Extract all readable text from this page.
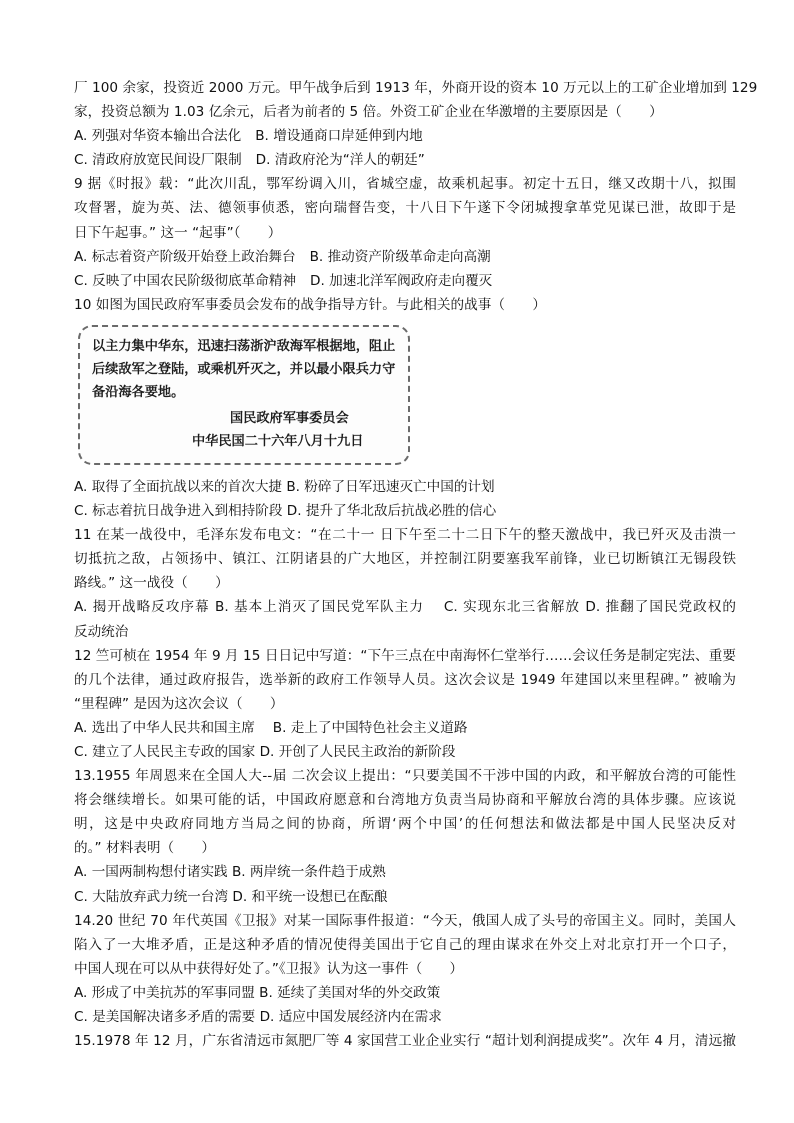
厂 100 余家，投资近 2000 万元。甲午战争后到 1913 年，外商开设的资本 10 万元以上的工矿企业增加到 129
家，投资总额为 1.03 亿余元，后者为前者的 5 倍。外资工矿企业在华激增的主要原因是（　　）
A. 列强对华资本输出合法化 B. 增设通商口岸延伸到内地
C. 清政府放宽民间设厂限制 D. 清政府沦为“洋人的朝廷”
9 据《时报》载：“此次川乱，鄂军纷调入川，省城空虚，故乘机起事。初定十五日，继又改期十八，拟围
攻督署，旋为英、法、德领事侦悉，密向瑞督告变，十八日下午遂下令闭城搜拿革党见谋已泄，故即于是
日下午起事。” 这一 “起事”（　　）
A. 标志着资产阶级开始登上政治舞台 B. 推动资产阶级革命走向高潮
C. 反映了中国农民阶级彻底革命精神 D. 加速北洋军阀政府走向覆灭
10 如图为国民政府军事委员会发布的战争指导方针。与此相关的战事（　　）
以主力集中华东，迅速扫荡浙沪敌海军根据地，阻止后续敌军之登陆，或乘机歼灭之，并以最小限兵力守备沿海各要地。
国民政府军事委员会
中华民国二十六年八月十九日
A. 取得了全面抗战以来的首次大捷 B. 粉碎了日军迅速灭亡中国的计划
C. 标志着抗日战争进入到相持阶段 D. 提升了华北敌后抗战必胜的信心
11 在某一战役中，毛泽东发布电文：“在二十一 日下午至二十二日下午的整天激战中，我已歼灭及击溃一
切抵抗之敌，占领扬中、镇江、江阴诸县的广大地区，并控制江阴要塞我军前锋，业已切断镇江无锡段铁
路线。” 这一战役（　　）
A. 揭开战略反攻序幕 B. 基本上消灭了国民党军队主力　 C. 实现东北三省解放 D. 推翻了国民党政权的
反动统治
12 竺可桢在 1954 年 9 月 15 日日记中写道：“下午三点在中南海怀仁堂举行……会议任务是制定宪法、重要
的几个法律，通过政府报告，选举新的政府工作领导人员。这次会议是 1949 年建国以来里程碑。” 被喻为
“里程碑” 是因为这次会议（　　）
A. 选出了中华人民共和国主席　 B. 走上了中国特色社会主义道路
C. 建立了人民民主专政的国家 D. 开创了人民民主政治的新阶段
13.1955 年周恩来在全国人大--届 二次会议上提出：“只要美国不干涉中国的内政，和平解放台湾的可能性
将会继续增长。如果可能的话，中国政府愿意和台湾地方负责当局协商和平解放台湾的具体步骤。应该说
明，这是中央政府同地方当局之间的协商，所谓‘两个中国’的任何想法和做法都是中国人民坚决反对
的。” 材料表明（　　）
A. 一国两制构想付诸实践 B. 两岸统一条件趋于成熟
C. 大陆放弃武力统一台湾 D. 和平统一设想已在酝酿
14.20 世纪 70 年代英国《卫报》对某一国际事件报道：“今天，俄国人成了头号的帝国主义。同时，美国人
陷入了一大堆矛盾，正是这种矛盾的情况使得美国出于它自己的理由谋求在外交上对北京打开一个口子，
中国人现在可以从中获得好处了。”《卫报》认为这一事件（　　）
A. 形成了中美抗苏的军事同盟 B. 延续了美国对华的外交政策
C. 是美国解决诸多矛盾的需要 D. 适应中国发展经济内在需求
15.1978 年 12 月，广东省清远市氮肥厂等 4 家国营工业企业实行 “超计划利润提成奖”。次年 4 月，清远撤
